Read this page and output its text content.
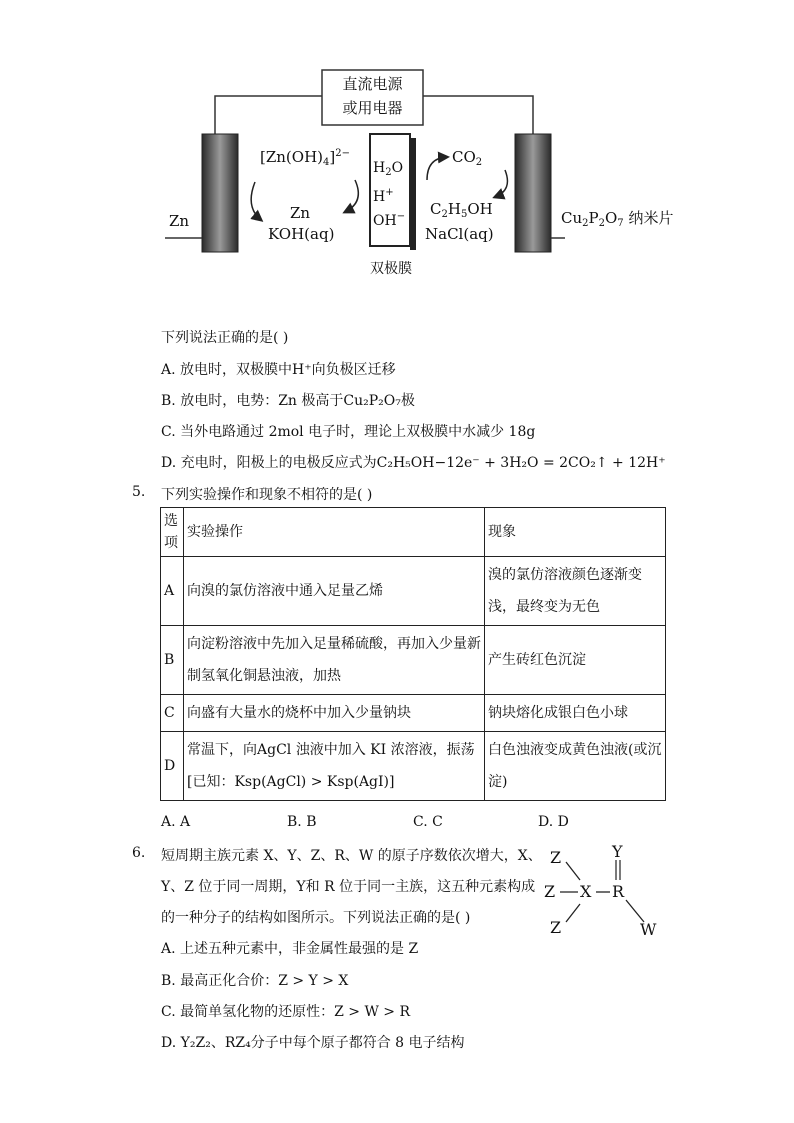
直流电源
或用电器
$[Zn(OH)_4]^{2-}$
Zn	Zn
KOH(aq)
$H_2O$
H+
OH−
双极膜
$CO_2$
$C_2H_5OH$
NaCl(aq)
$Cu_2P_2O_7$ 纳米片
下列说法正确的是( )
A. 放电时，双极膜中H⁺向负极区迁移
B. 放电时，电势：Zn 极高于Cu₂P₂O₇极
C. 当外电路通过 2mol 电子时，理论上双极膜中水减少 18g
D. 充电时，阳极上的电极反应式为C₂H₅OH−12e⁻ + 3H₂O = 2CO₂↑ + 12H⁺
5. 下列实验操作和现象不相符的是( )
选项	实验操作	现象
A	向溴的氯仿溶液中通入足量乙烯	溴的氯仿溶液颜色逐渐变浅，最终变为无色
B	向淀粉溶液中先加入足量稀硫酸，再加入少量新制氢氧化铜悬浊液，加热	产生砖红色沉淀
C	向盛有大量水的烧杯中加入少量钠块	钠块熔化成银白色小球
D	常温下，向AgCl 浊液中加入 KI 浓溶液，振荡[已知：Ksp(AgCl) > Ksp(AgI)]	白色浊液变成黄色浊液(或沉淀)
A. A	B. B	C. C	D. D
6. 短周期主族元素 X、Y、Z、R、W 的原子序数依次增大，X、
Y、Z 位于同一周期，Y和 R 位于同一主族，这五种元素构成
的一种分子的结构如图所示。下列说法正确的是( )
A. 上述五种元素中，非金属性最强的是 Z
B. 最高正化合价：Z > Y > X
C. 最简单氢化物的还原性：Z > W > R
D. Y₂Z₂、RZ₄分子中每个原子都符合 8 电子结构
Z
Z
Z
X
Y
R
W
